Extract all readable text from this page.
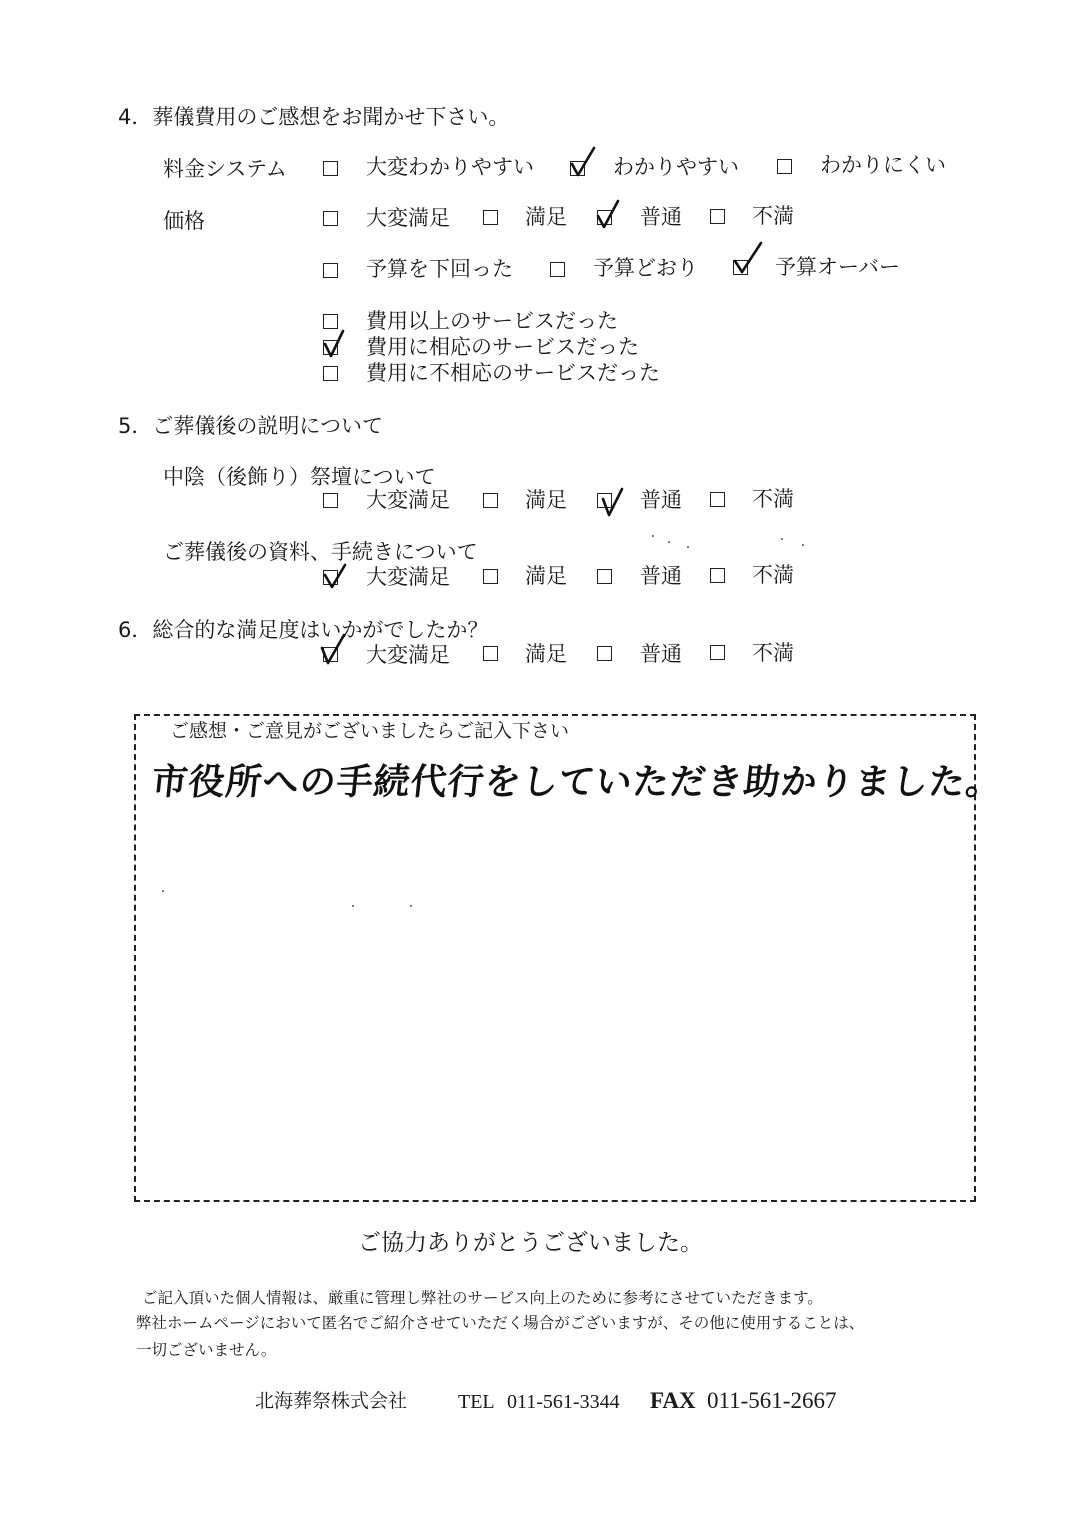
4．葬儀費用のご感想をお聞かせ下さい。
料金システム	大変わかりやすい	わかりやすい	わかりにくい
価格	大変満足	満足	普通	不満
予算を下回った	予算どおり	予算オーバー
費用以上のサービスだった
費用に相応のサービスだった
費用に不相応のサービスだった
5．ご葬儀後の説明について
中陰（後飾り）祭壇について
大変満足	満足	普通	不満
ご葬儀後の資料、手続きについて
大変満足	満足	普通	不満
6．総合的な満足度はいかがでしたか？
大変満足	満足	普通	不満
ご感想・ご意見がございましたらご記入下さい
市役所への手続代行をしていただき助かりました。
ご協力ありがとうございました。
ご記入頂いた個人情報は、厳重に管理し弊社のサービス向上のために参考にさせていただきます。
弊社ホームページにおいて匿名でご紹介させていただく場合がございますが、その他に使用することは、
一切ございません。
北海葬祭株式会社	TEL 011-561-3344 FAX 011-561-2667
